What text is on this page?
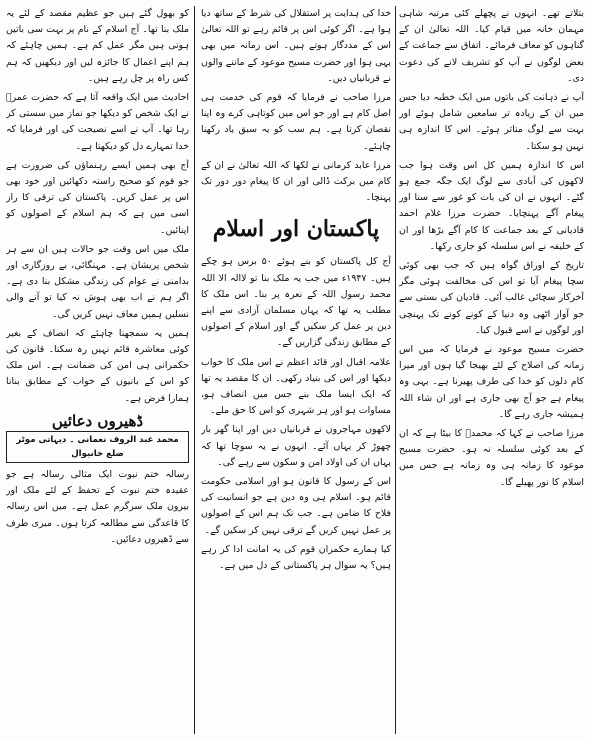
بتلاتے تھے۔ انہوں نے پچھلے کئی مرتبہ شاہی مہمان خانہ میں قیام کیا۔ اللہ تعالیٰ ان کے گناہوں کو معاف فرمائے۔ اتفاق سے جماعت کے بعض لوگوں نے آپ کو تشریف لانے کی دعوت دی۔

آپ نے ذہانت کی باتوں میں ایک خطبہ دیا جس میں ان کے زیادہ تر سامعین شامل ہوئے اور بہت سے لوگ متاثر ہوئے۔ اس کا اندازہ ہی نہیں ہو سکتا۔

اس کا اندازہ ہمیں کل اس وقت ہوا جب لاکھوں کی آبادی سے لوگ ایک جگہ جمع ہو گئے۔ انہوں نے ان کی بات کو غور سے سنا اور پیغام آگے پہنچایا۔ حضرت مرزا غلام احمد قادیانی کے بعد جماعت کا کام آگے بڑھا اور ان کے خلیفہ نے اس سلسلہ کو جاری رکھا۔

تاریخ کے اوراق گواہ ہیں کہ جب بھی کوئی سچا پیغام آیا تو اس کی مخالفت ہوئی مگر آخرکار سچائی غالب آئی۔ قادیان کی بستی سے جو آواز اٹھی وہ دنیا کے کونے کونے تک پہنچی اور لوگوں نے اسے قبول کیا۔

حضرت مسیح موعود نے فرمایا کہ میں اس زمانہ کی اصلاح کے لئے بھیجا گیا ہوں اور میرا کام دلوں کو خدا کی طرف پھیرنا ہے۔ یہی وہ پیغام ہے جو آج بھی جاری ہے اور ان شاء اللہ ہمیشہ جاری رہے گا۔

مرزا صاحب نے کہا کہ محمدؐ کا بیٹا ہے کہ ان کے بعد کوئی سلسلہ نہ ہو۔ حضرت مسیح موعود کا زمانہ ہی وہ زمانہ ہے جس میں اسلام کا نور پھیلے گا۔

خدا کی ہدایت پر استقلال کی شرط کے ساتھ دیا ہوا ہے۔ اگر کوئی اس پر قائم رہے تو اللہ تعالیٰ اس کے مددگار ہوتے ہیں۔ اس زمانہ میں بھی یہی ہوا اور حضرت مسیح موعود کے ماننے والوں نے قربانیاں دیں۔

مرزا صاحب نے فرمایا کہ قوم کی خدمت ہی اصل کام ہے اور جو اس میں کوتاہی کرے وہ اپنا نقصان کرتا ہے۔ ہم سب کو یہ سبق یاد رکھنا چاہئے۔

مرزا عابد کرمانی نے لکھا کہ اللہ تعالیٰ نے ان کے کام میں برکت ڈالی اور ان کا پیغام دور دور تک پہنچا۔

پاکستان اور اسلام

آج کل پاکستان کو بنے ہوئے ۵۰ برس ہو چکے ہیں۔ ۱۹۴۷ء میں جب یہ ملک بنا تو لاالہ الا اللہ محمد رسول اللہ کے نعرہ پر بنا۔ اس ملک کا مطلب یہ تھا کہ یہاں مسلمان آزادی سے اپنے دین پر عمل کر سکیں گے اور اسلام کے اصولوں کے مطابق زندگی گزاریں گے۔

علامہ اقبال اور قائد اعظم نے اس ملک کا خواب دیکھا اور اس کی بنیاد رکھی۔ ان کا مقصد یہ تھا کہ ایک ایسا ملک بنے جس میں انصاف ہو، مساوات ہو اور ہر شہری کو اس کا حق ملے۔

لاکھوں مہاجروں نے قربانیاں دیں اور اپنا گھر بار چھوڑ کر یہاں آئے۔ انہوں نے یہ سوچا تھا کہ یہاں ان کی اولاد امن و سکون سے رہے گی۔

اس کے رسول کا قانون ہو اور اسلامی حکومت قائم ہو۔ اسلام ہی وہ دین ہے جو انسانیت کی فلاح کا ضامن ہے۔ جب تک ہم اس کے اصولوں پر عمل نہیں کریں گے ترقی نہیں کر سکیں گے۔

کیا ہمارے حکمران قوم کی یہ امانت ادا کر رہے ہیں؟ یہ سوال ہر پاکستانی کے دل میں ہے۔

کو بھول گئے ہیں جو عظیم مقصد کے لئے یہ ملک بنا تھا۔ آج اسلام کے نام پر بہت سی باتیں ہوتی ہیں مگر عمل کم ہے۔ ہمیں چاہئے کہ ہم اپنے اعمال کا جائزہ لیں اور دیکھیں کہ ہم کس راہ پر چل رہے ہیں۔

احادیث میں ایک واقعہ آتا ہے کہ حضرت عمرؓ نے ایک شخص کو دیکھا جو نماز میں سستی کر رہا تھا۔ آپ نے اسے نصیحت کی اور فرمایا کہ خدا تمہارے دل کو دیکھتا ہے۔

آج بھی ہمیں ایسے رہنماؤں کی ضرورت ہے جو قوم کو صحیح راستہ دکھائیں اور خود بھی اس پر عمل کریں۔ پاکستان کی ترقی کا راز اسی میں ہے کہ ہم اسلام کے اصولوں کو اپنائیں۔

ملک میں اس وقت جو حالات ہیں ان سے ہر شخص پریشان ہے۔ مہنگائی، بے روزگاری اور بدامنی نے عوام کی زندگی مشکل بنا دی ہے۔ اگر ہم نے اب بھی ہوش نہ کیا تو آنے والی نسلیں ہمیں معاف نہیں کریں گی۔

ہمیں یہ سمجھنا چاہئے کہ انصاف کے بغیر کوئی معاشرہ قائم نہیں رہ سکتا۔ قانون کی حکمرانی ہی امن کی ضمانت ہے۔ اس ملک کو اس کے بانیوں کے خواب کے مطابق بنانا ہمارا فرض ہے۔

ڈھیروں دعائیں
محمد عبد الروف نعمانی ۔ دیہاتی موٹر ضلع خانیوال

رسالہ ختم نبوت ایک مثالی رسالہ ہے جو عقیدہ ختم نبوت کے تحفظ کے لئے ملک اور بیرون ملک سرگرم عمل ہے۔ میں اس رسالہ کا قاعدگی سے مطالعہ کرتا ہوں۔ میری طرف سے ڈھیروں دعائیں۔
